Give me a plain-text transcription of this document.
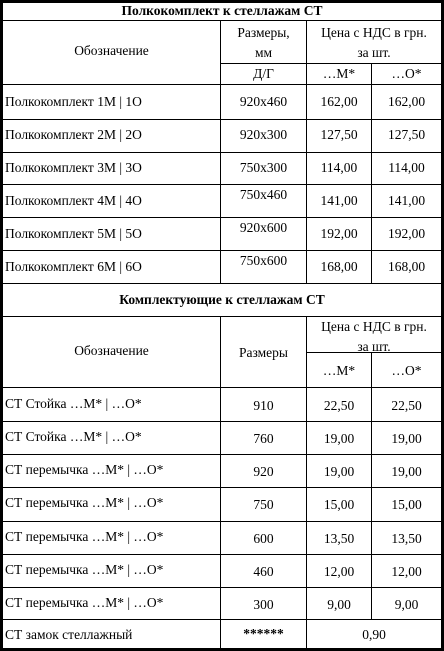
Полкокомплект к стеллажам СТ
Обозначение
Размеры,
мм
Цена с НДС в грн.
за шт.
Д/Г	…М*	…О*
Полкокомплект 1М | 1О	920х460	162,00	162,00
Полкокомплект 2М | 2О	920х300	127,50	127,50
Полкокомплект 3М | 3О	750х300	114,00	114,00
Полкокомплект 4М | 4О	750х460	141,00	141,00
Полкокомплект 5М | 5О	920х600	192,00	192,00
Полкокомплект 6М | 6О	750х600	168,00	168,00
Комплектующие к стеллажам СТ
Обозначение	Размеры
Цена с НДС в грн.
за шт.
…М*	…О*
СТ Стойка …М* | …О*	910	22,50	22,50
СТ Стойка …М* | …О*	760	19,00	19,00
СТ перемычка …М* | …О*	920	19,00	19,00
СТ перемычка …М* | …О*	750	15,00	15,00
СТ перемычка …М* | …О*	600	13,50	13,50
СТ перемычка …М* | …О*	460	12,00	12,00
СТ перемычка …М* | …О*	300	9,00	9,00
СТ замок стеллажный	******	0,90
